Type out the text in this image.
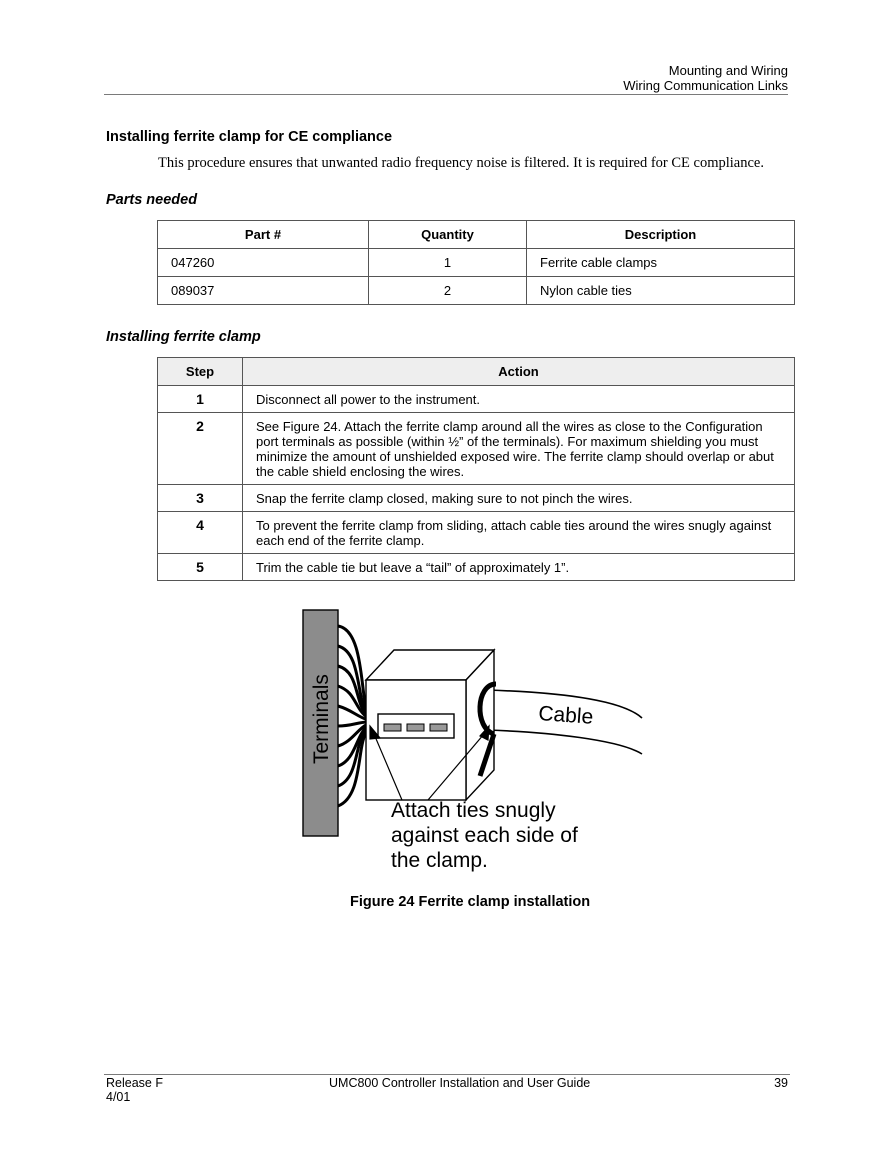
Mounting and Wiring
Wiring Communication Links
Installing ferrite clamp for CE compliance
This procedure ensures that unwanted radio frequency noise is filtered. It is required for CE compliance.
Parts needed
Part #	Quantity	Description
047260	1	Ferrite cable clamps
089037	2	Nylon cable ties
Installing ferrite clamp
Step	Action
1	Disconnect all power to the instrument.
2	See Figure 24. Attach the ferrite clamp around all the wires as close to the Configuration port terminals as possible (within ½” of the terminals). For maximum shielding you must minimize the amount of unshielded exposed wire. The ferrite clamp should overlap or abut the cable shield enclosing the wires.
3	Snap the ferrite clamp closed, making sure to not pinch the wires.
4	To prevent the ferrite clamp from sliding, attach cable ties around the wires snugly against each end of the ferrite clamp.
5	Trim the cable tie but leave a “tail” of approximately 1”.
Cable
Terminals
Attach ties snugly against each side of the clamp.
Figure 24 Ferrite clamp installation
Release F
4/01
UMC800 Controller Installation and User Guide	39
